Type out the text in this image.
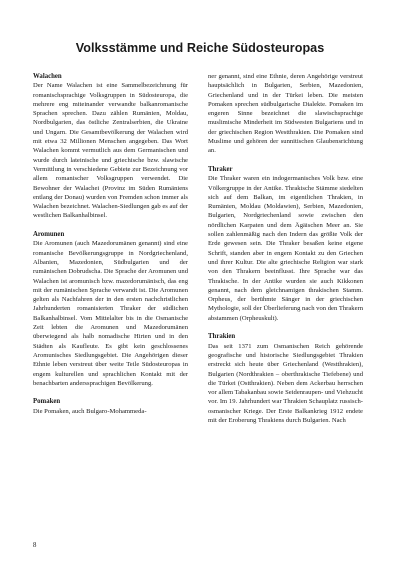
Volksstämme und Reiche Südosteuropas

Walachen

Der Name Walachen ist eine Sammelbezeichnung für romanischsprachige Volksgruppen in Südosteuropa, die mehrere eng miteinander verwandte balkanromanische Sprachen sprechen. Dazu zählen Rumänien, Moldau, Nordbulgarien, das östliche Zentralserbien, die Ukraine und Ungarn. Die Gesamtbevölkerung der Walachen wird mit etwa 32 Millionen Menschen angegeben. Das Wort Walachen kommt vermutlich aus dem Germanischen und wurde durch lateinische und griechische bzw. slawische Vermittlung in verschiedene Gebiete zur Bezeichnung vor allem romanischer Volksgruppen verwendet. Die Bewohner der Walachei (Provinz im Süden Rumäniens entlang der Donau) wurden von Fremden schon immer als Walachen bezeichnet. Walachen-Siedlungen gab es auf der westlichen Balkanhalbinsel.

Aromunen

Die Aromunen (auch Mazedorumänen genannt) sind eine romanische Bevölkerungsgruppe in Nordgriechenland, Albanien, Mazedonien, Südbulgarien und der rumänischen Dobrudscha. Die Sprache der Aromunen und Walachen ist aromunisch bzw. mazedorumänisch, das eng mit der rumänischen Sprache verwandt ist. Die Aromunen gelten als Nachfahren der in den ersten nachchristlichen Jahrhunderten romanisierten Thraker der südlichen Balkanhalbinsel. Vom Mittelalter bis in die Osmanische Zeit lebten die Aromunen und Mazedorumänen überwiegend als halb nomadische Hirten und in den Städten als Kaufleute. Es gibt kein geschlossenes Aromunisches Siedlungsgebiet. Die Angehörigen dieser Ethnie leben verstreut über weite Teile Südosteuropas in engem kulturellen und sprachlichen Kontakt mit der benachbarten anderssprachigen Bevölkerung.

Pomaken

Die Pomaken, auch Bulgaro-Mohammeda-

ner genannt, sind eine Ethnie, deren Angehörige verstreut hauptsächlich in Bulgarien, Serbien, Mazedonien, Griechenland und in der Türkei leben. Die meisten Pomaken sprechen südbulgarische Dialekte. Pomaken im engeren Sinne bezeichnet die slawischsprachige muslimische Minderheit im Südwesten Bulgariens und in der griechischen Region Westthrakien. Die Pomaken sind Muslime und gehören der sunnitischen Glaubensrichtung an.

Thraker

Die Thraker waren ein indogermanisches Volk bzw. eine Völkergruppe in der Antike. Thrakische Stämme siedelten sich auf dem Balkan, im eigentlichen Thrakien, in Rumänien, Moldau (Moldawien), Serbien, Mazedonien, Bulgarien, Nordgriechenland sowie zwischen den nördlichen Karpaten und dem Ägäischen Meer an. Sie sollen zahlenmäßig nach den Indern das größte Volk der Erde gewesen sein. Die Thraker besaßen keine eigene Schrift, standen aber in engem Kontakt zu den Griechen und ihrer Kultur. Die alte griechische Religion war stark von den Thrakern beeinflusst. Ihre Sprache war das Thrakische. In der Antike wurden sie auch Kikkonen genannt, nach dem gleichnamigen thrakischen Stamm. Orpheus, der berühmte Sänger in der griechischen Mythologie, soll der Überlieferung nach von den Thrakern abstammen (Orpheuskult).

Thrakien

Das seit 1371 zum Osmanischen Reich gehörende geografische und historische Siedlungsgebiet Thrakien erstreckt sich heute über Griechenland (Westthrakien), Bulgarien (Nordthrakien – oberthrakische Tiefebene) und die Türkei (Ostthrakien). Neben dem Ackerbau herrschen vor allem Tabakanbau sowie Seidenraupen- und Viehzucht vor. Im 19. Jahrhundert war Thrakien Schauplatz russisch-osmanischer Kriege. Der Erste Balkankrieg 1912 endete mit der Eroberung Thrakiens durch Bulgarien. Nach

8
